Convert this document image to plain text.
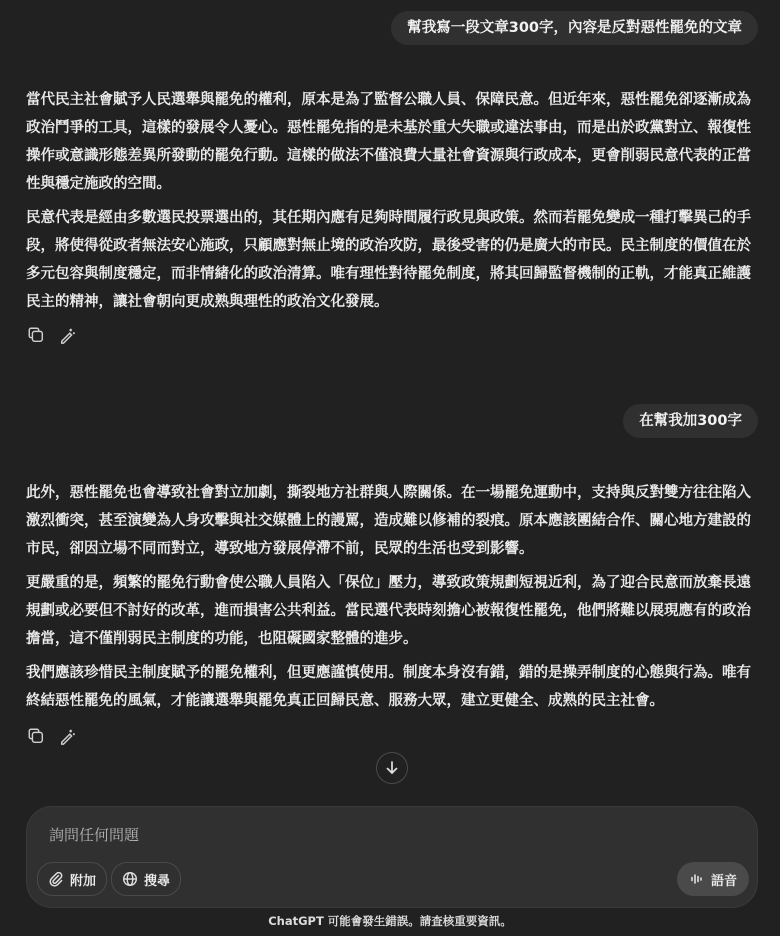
幫我寫一段文章300字，內容是反對惡性罷免的文章

當代民主社會賦予人民選舉與罷免的權利，原本是為了監督公職人員、保障民意。但近年來，惡性罷免卻逐漸成為政治鬥爭的工具，這樣的發展令人憂心。惡性罷免指的是未基於重大失職或違法事由，而是出於政黨對立、報復性操作或意識形態差異所發動的罷免行動。這樣的做法不僅浪費大量社會資源與行政成本，更會削弱民意代表的正當性與穩定施政的空間。

民意代表是經由多數選民投票選出的，其任期內應有足夠時間履行政見與政策。然而若罷免變成一種打擊異己的手段，將使得從政者無法安心施政，只顧應對無止境的政治攻防，最後受害的仍是廣大的市民。民主制度的價值在於多元包容與制度穩定，而非情緒化的政治清算。唯有理性對待罷免制度，將其回歸監督機制的正軌，才能真正維護民主的精神，讓社會朝向更成熟與理性的政治文化發展。

在幫我加300字

此外，惡性罷免也會導致社會對立加劇，撕裂地方社群與人際關係。在一場罷免運動中，支持與反對雙方往往陷入激烈衝突，甚至演變為人身攻擊與社交媒體上的謾罵，造成難以修補的裂痕。原本應該團結合作、關心地方建設的市民，卻因立場不同而對立，導致地方發展停滯不前，民眾的生活也受到影響。

更嚴重的是，頻繁的罷免行動會使公職人員陷入「保位」壓力，導致政策規劃短視近利，為了迎合民意而放棄長遠規劃或必要但不討好的改革，進而損害公共利益。當民選代表時刻擔心被報復性罷免，他們將難以展現應有的政治擔當，這不僅削弱民主制度的功能，也阻礙國家整體的進步。

我們應該珍惜民主制度賦予的罷免權利，但更應謹慎使用。制度本身沒有錯，錯的是操弄制度的心態與行為。唯有終結惡性罷免的風氣，才能讓選舉與罷免真正回歸民意、服務大眾，建立更健全、成熟的民主社會。

詢問任何問題
附加	搜尋	語音
ChatGPT 可能會發生錯誤。請查核重要資訊。
